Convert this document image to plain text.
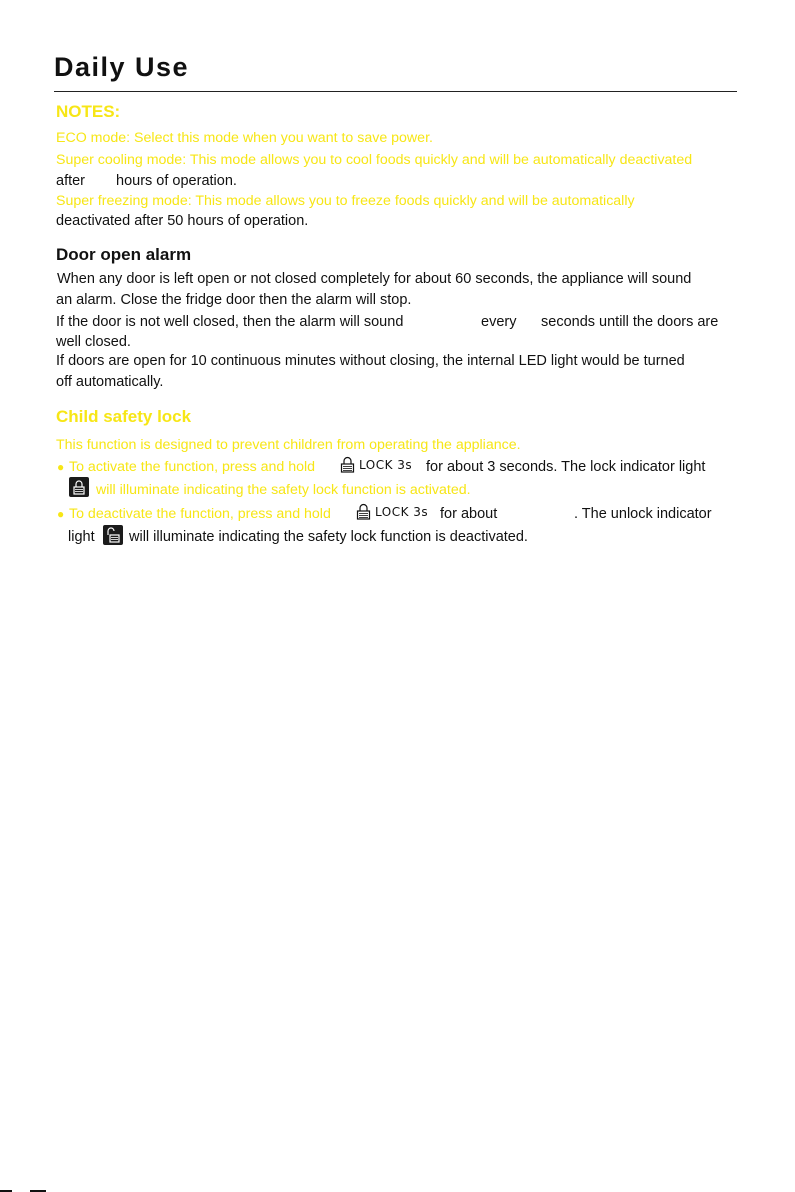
Daily Use
NOTES:
ECO mode: Select this mode when you want to save power.
Super cooling mode: This mode allows you to cool foods quickly and will be automatically deactivated
after hours of operation.
Super freezing mode: This mode allows you to freeze foods quickly and will be automatically
deactivated after 50 hours of operation.
Door open alarm
When any door is left open or not closed completely for about 60 seconds, the appliance will sound
an alarm. Close the fridge door then the alarm will stop.
If the door is not well closed, then the alarm will sound	every seconds untill the doors are
well closed.
If doors are open for 10 continuous minutes without closing, the internal LED light would be turned
off automatically.
Child safety lock
This function is designed to prevent children from operating the appliance.
● To activate the function, press and hold	LOCK 3s for about 3 seconds. The lock indicator light
will illuminate indicating the safety lock function is activated.
● To deactivate the function, press and hold	LOCK 3s for about	. The unlock indicator
light will illuminate indicating the safety lock function is deactivated.
